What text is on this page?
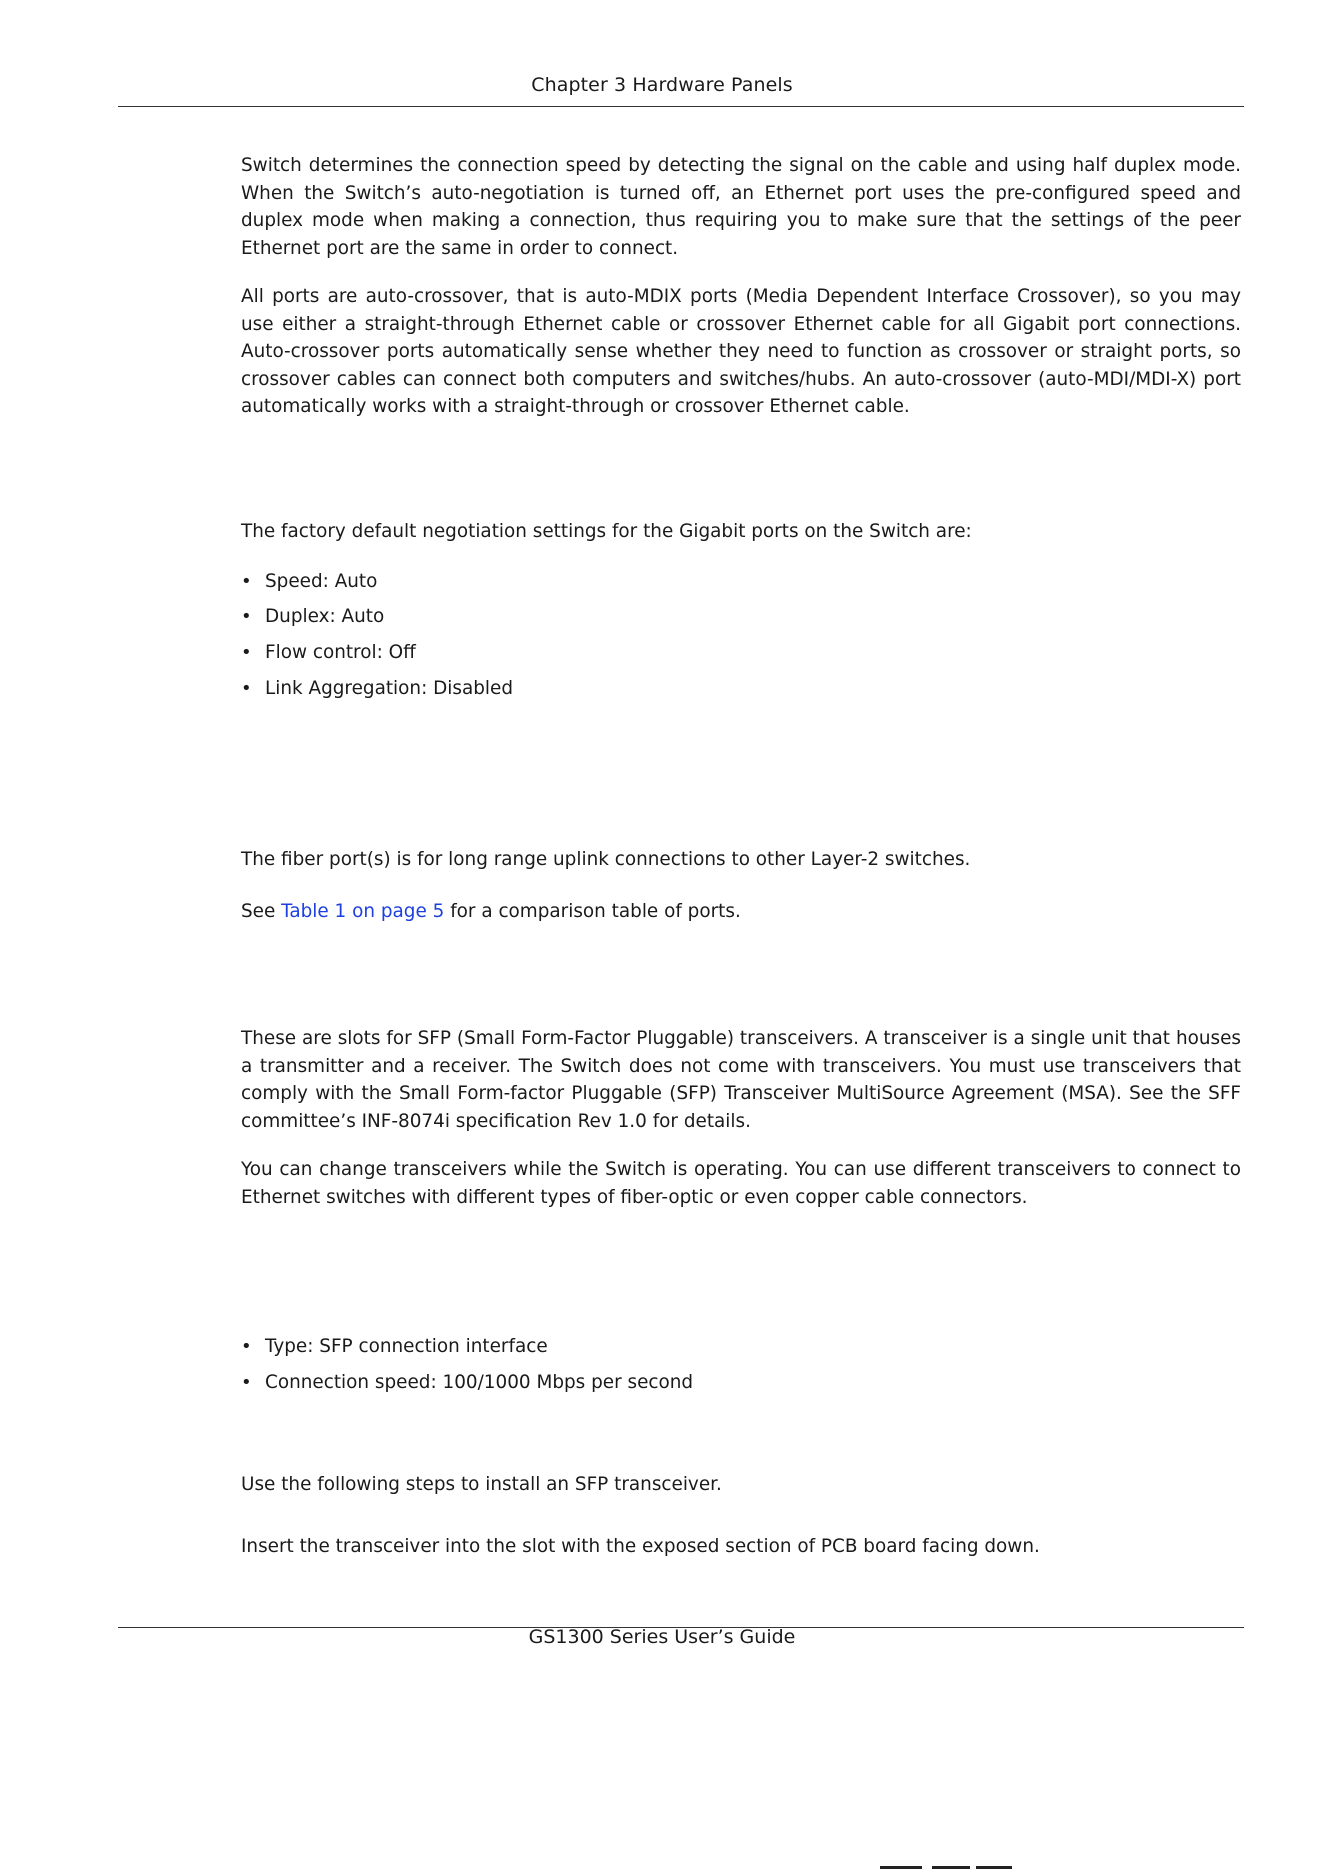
Chapter 3 Hardware Panels

Switch determines the connection speed by detecting the signal on the cable and using half duplex mode. When the Switch’s auto-negotiation is turned off, an Ethernet port uses the pre-configured speed and duplex mode when making a connection, thus requiring you to make sure that the settings of the peer Ethernet port are the same in order to connect.

All ports are auto-crossover, that is auto-MDIX ports (Media Dependent Interface Crossover), so you may use either a straight-through Ethernet cable or crossover Ethernet cable for all Gigabit port connections. Auto-crossover ports automatically sense whether they need to function as crossover or straight ports, so crossover cables can connect both computers and switches/hubs. An auto-crossover (auto-MDI/MDI-X) port automatically works with a straight-through or crossover Ethernet cable.

The factory default negotiation settings for the Gigabit ports on the Switch are:

• Speed: Auto
• Duplex: Auto
• Flow control: Off
• Link Aggregation: Disabled

The fiber port(s) is for long range uplink connections to other Layer-2 switches.

See Table 1 on page 5 for a comparison table of ports.

These are slots for SFP (Small Form-Factor Pluggable) transceivers. A transceiver is a single unit that houses a transmitter and a receiver. The Switch does not come with transceivers. You must use transceivers that comply with the Small Form-factor Pluggable (SFP) Transceiver MultiSource Agreement (MSA). See the SFF committee’s INF-8074i specification Rev 1.0 for details.

You can change transceivers while the Switch is operating. You can use different transceivers to connect to Ethernet switches with different types of fiber-optic or even copper cable connectors.

• Type: SFP connection interface
• Connection speed: 100/1000 Mbps per second

Use the following steps to install an SFP transceiver.

Insert the transceiver into the slot with the exposed section of PCB board facing down.

GS1300 Series User’s Guide
